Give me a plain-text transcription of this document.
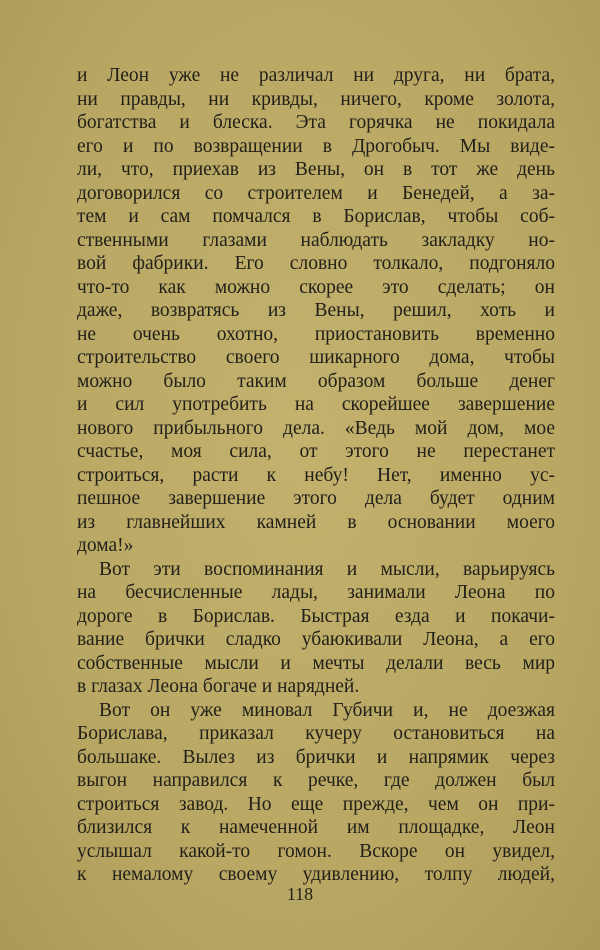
и Леон уже не различал ни друга, ни брата,
ни правды, ни кривды, ничего, кроме золота,
богатства и блеска. Эта горячка не покидала
его и по возвращении в Дрогобыч. Мы виде-
ли, что, приехав из Вены, он в тот же день
договорился со строителем и Бенедей, а за-
тем и сам помчался в Борислав, чтобы соб-
ственными глазами наблюдать закладку но-
вой фабрики. Его словно толкало, подгоняло
что-то как можно скорее это сделать; он
даже, возвратясь из Вены, решил, хоть и
не очень охотно, приостановить временно
строительство своего шикарного дома, чтобы
можно было таким образом больше денег
и сил употребить на скорейшее завершение
нового прибыльного дела. «Ведь мой дом, мое
счастье, моя сила, от этого не перестанет
строиться, расти к небу! Нет, именно ус-
пешное завершение этого дела будет одним
из главнейших камней в основании моего
дома!»
Вот эти воспоминания и мысли, варьируясь
на бесчисленные лады, занимали Леона по
дороге в Борислав. Быстрая езда и покачи-
вание брички сладко убаюкивали Леона, а его
собственные мысли и мечты делали весь мир
в глазах Леона богаче и нарядней.
Вот он уже миновал Губичи и, не доезжая
Борислава, приказал кучеру остановиться на
большаке. Вылез из брички и напрямик через
выгон направился к речке, где должен был
строиться завод. Но еще прежде, чем он при-
близился к намеченной им площадке, Леон
услышал какой-то гомон. Вскоре он увидел,
к немалому своему удивлению, толпу людей,
118
